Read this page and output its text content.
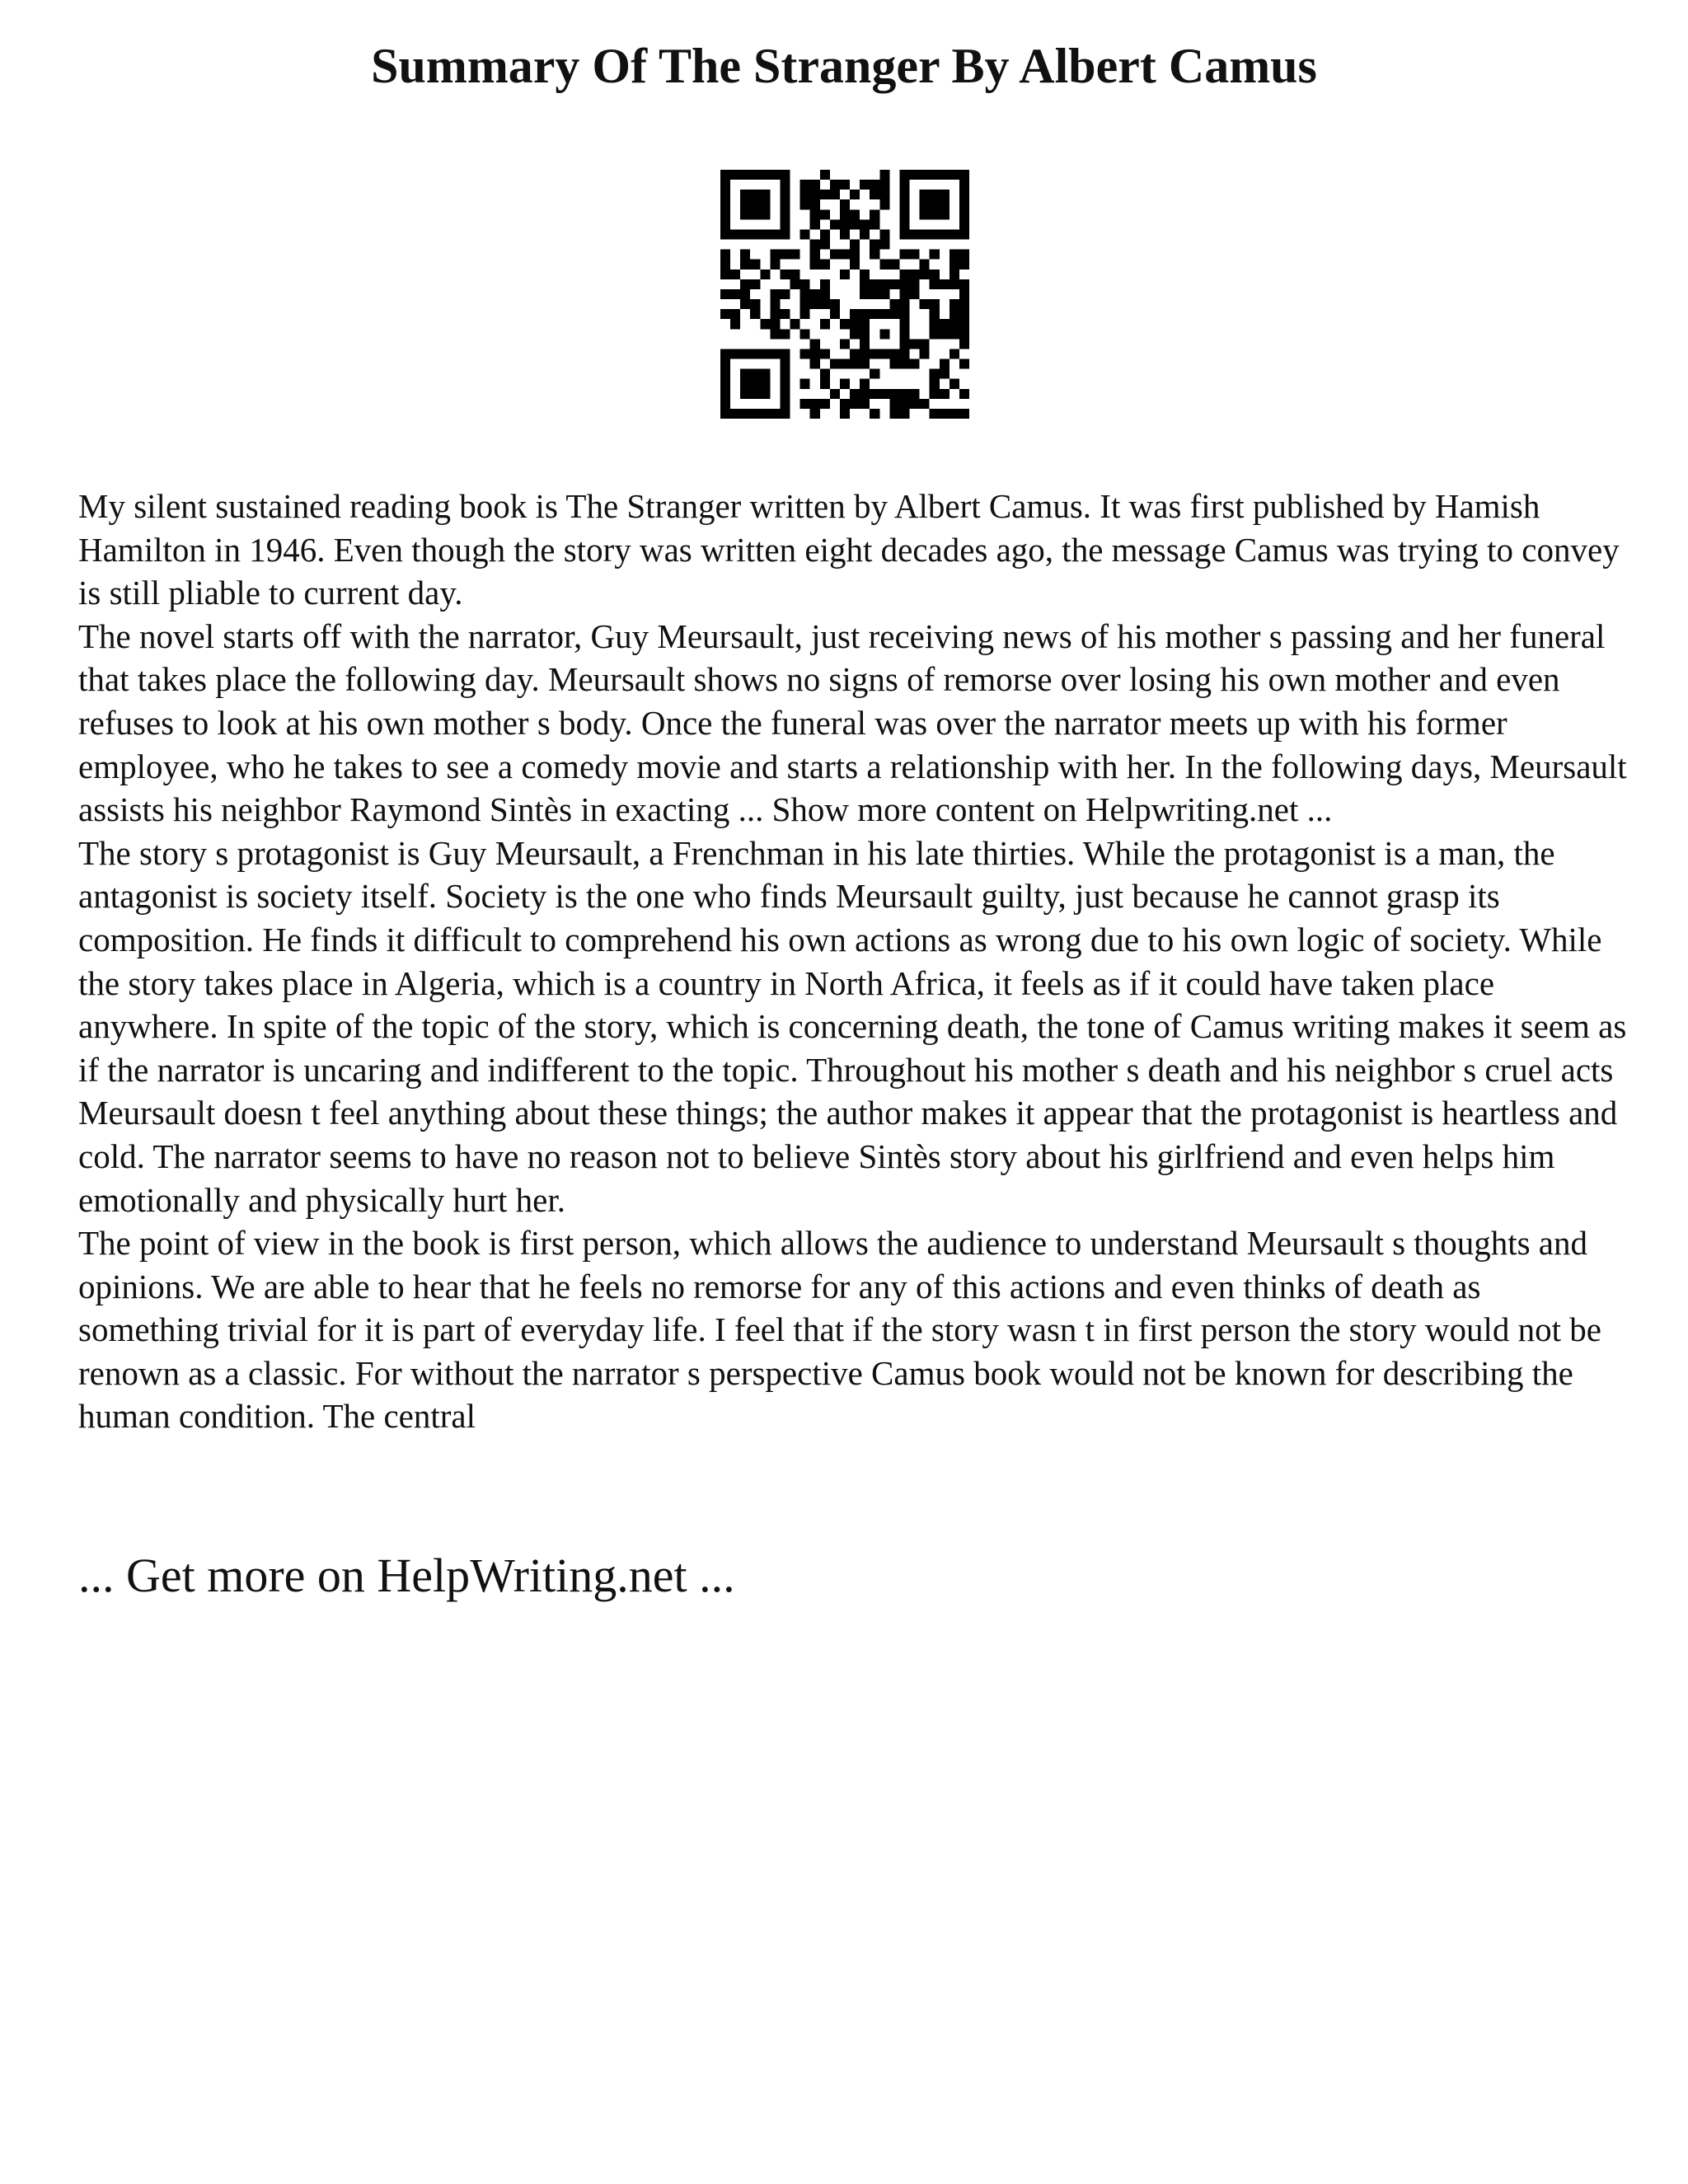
Summary Of The Stranger By Albert Camus

My silent sustained reading book is The Stranger written by Albert Camus. It was first published by Hamish Hamilton in 1946. Even though the story was written eight decades ago, the message Camus was trying to convey is still pliable to current day.

The novel starts off with the narrator, Guy Meursault, just receiving news of his mother s passing and her funeral that takes place the following day. Meursault shows no signs of remorse over losing his own mother and even refuses to look at his own mother s body. Once the funeral was over the narrator meets up with his former employee, who he takes to see a comedy movie and starts a relationship with her. In the following days, Meursault assists his neighbor Raymond Sintès in exacting ... Show more content on Helpwriting.net ...

The story s protagonist is Guy Meursault, a Frenchman in his late thirties. While the protagonist is a man, the antagonist is society itself. Society is the one who finds Meursault guilty, just because he cannot grasp its composition. He finds it difficult to comprehend his own actions as wrong due to his own logic of society. While the story takes place in Algeria, which is a country in North Africa, it feels as if it could have taken place anywhere. In spite of the topic of the story, which is concerning death, the tone of Camus writing makes it seem as if the narrator is uncaring and indifferent to the topic. Throughout his mother s death and his neighbor s cruel acts Meursault doesn t feel anything about these things; the author makes it appear that the protagonist is heartless and cold. The narrator seems to have no reason not to believe Sintès story about his girlfriend and even helps him emotionally and physically hurt her.

The point of view in the book is first person, which allows the audience to understand Meursault s thoughts and opinions. We are able to hear that he feels no remorse for any of this actions and even thinks of death as something trivial for it is part of everyday life. I feel that if the story wasn t in first person the story would not be renown as a classic. For without the narrator s perspective Camus book would not be known for describing the human condition. The central

... Get more on HelpWriting.net ...
